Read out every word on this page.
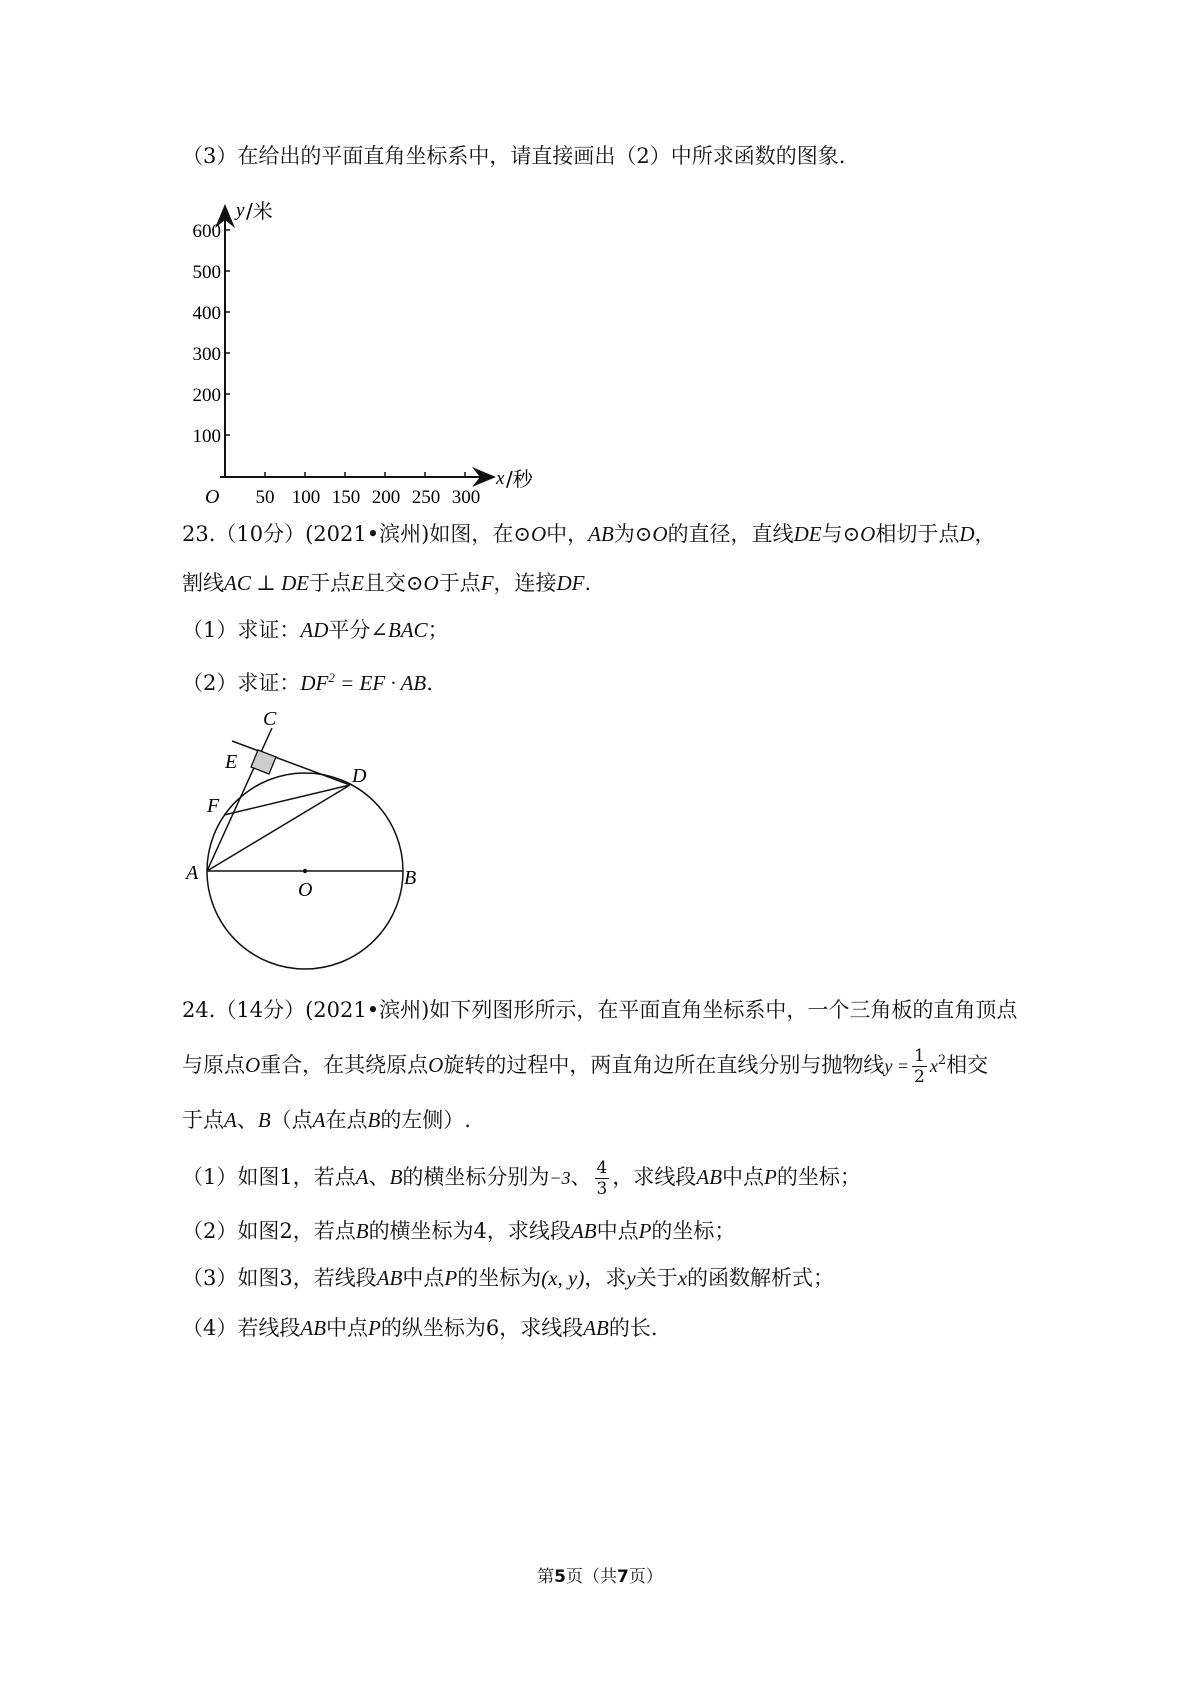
（3）在给出的平面直角坐标系中，请直接画出（2）中所求函数的图象.
600
500
400
300
200
100
50 100 150 200 250 300
O
y /米
x /秒
23.（10分）(2021•滨州)如图，在⊙O中，AB为⊙O的直径，直线DE与⊙O相切于点D，
割线AC ⊥ DE于点E且交⊙O于点F，连接DF.
（1）求证：AD平分∠BAC；
（2）求证：$DF^2$ = EF · AB.
C
E
D
F
A
O
B
24.（14分）(2021•滨州)如下列图形所示，在平面直角坐标系中，一个三角板的直角顶点
与原点O重合，在其绕原点O旋转的过程中，两直角边所在直线分别与抛物线$y = \frac{1}{2} x^2$相交
于点A、B（点A在点B的左侧）.
（1）如图1，若点A、B的横坐标分别为−3、 $\frac{4}{3}$ ，求线段AB中点P的坐标；
（2）如图2，若点B的横坐标为4，求线段AB中点P的坐标；
（3）如图3，若线段AB中点P的坐标为(x, y)，求y关于x的函数解析式；
（4）若线段AB中点P的纵坐标为6，求线段AB的长.
第5页（共7页）
